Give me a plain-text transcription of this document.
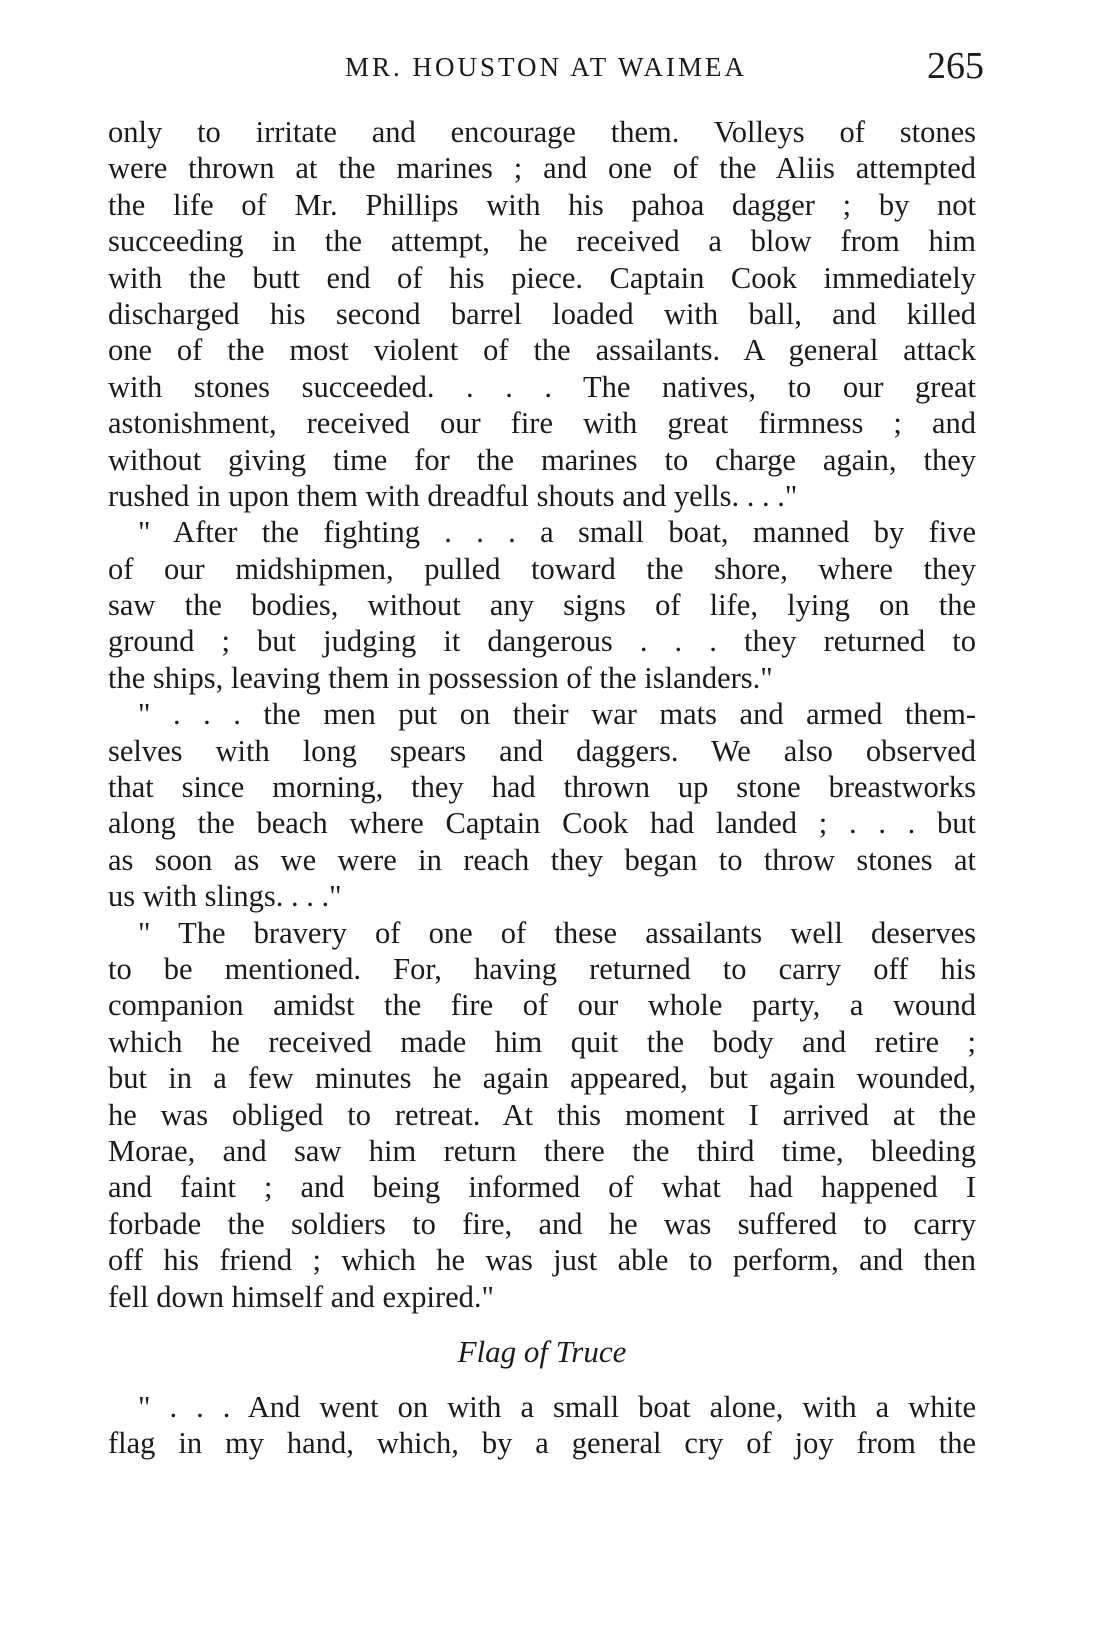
MR. HOUSTON AT WAIMEA	265
only to irritate and encourage them. Volleys of stones
were thrown at the marines ; and one of the Aliis attempted
the life of Mr. Phillips with his pahoa dagger ; by not
succeeding in the attempt, he received a blow from him
with the butt end of his piece. Captain Cook immediately
discharged his second barrel loaded with ball, and killed
one of the most violent of the assailants. A general attack
with stones succeeded. . . . The natives, to our great
astonishment, received our fire with great firmness ; and
without giving time for the marines to charge again, they
rushed in upon them with dreadful shouts and yells. . . ."
" After the fighting . . . a small boat, manned by five
of our midshipmen, pulled toward the shore, where they
saw the bodies, without any signs of life, lying on the
ground ; but judging it dangerous . . . they returned to
the ships, leaving them in possession of the islanders."
" . . . the men put on their war mats and armed them-
selves with long spears and daggers. We also observed
that since morning, they had thrown up stone breastworks
along the beach where Captain Cook had landed ; . . . but
as soon as we were in reach they began to throw stones at
us with slings. . . ."
" The bravery of one of these assailants well deserves
to be mentioned. For, having returned to carry off his
companion amidst the fire of our whole party, a wound
which he received made him quit the body and retire ;
but in a few minutes he again appeared, but again wounded,
he was obliged to retreat. At this moment I arrived at the
Morae, and saw him return there the third time, bleeding
and faint ; and being informed of what had happened I
forbade the soldiers to fire, and he was suffered to carry
off his friend ; which he was just able to perform, and then
fell down himself and expired."
Flag of Truce
" . . . And went on with a small boat alone, with a white
flag in my hand, which, by a general cry of joy from the
